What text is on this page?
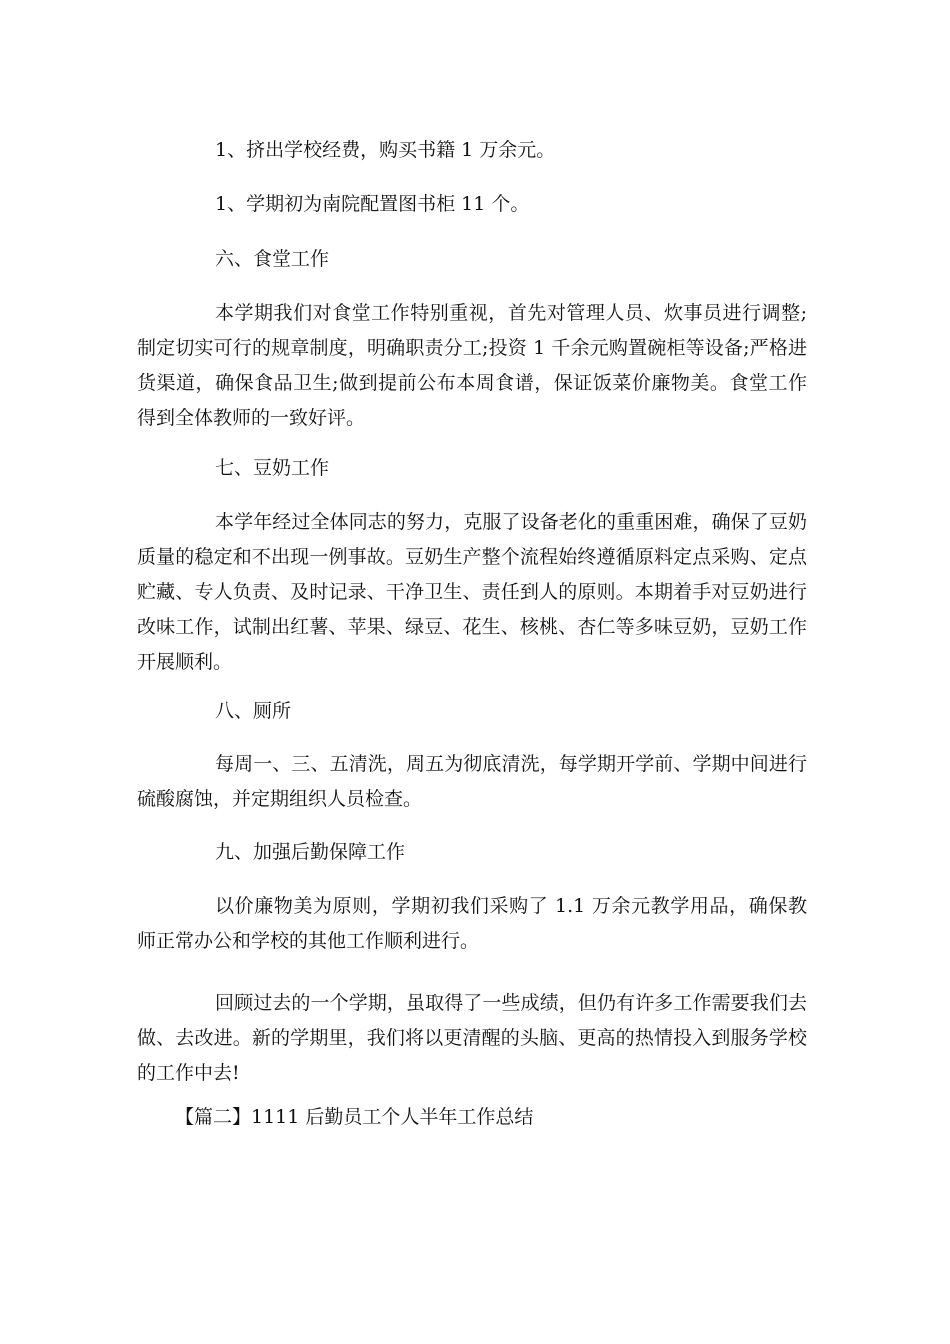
1、挤出学校经费，购买书籍 1 万余元。
1、学期初为南院配置图书柜 11 个。
六、食堂工作
本学期我们对食堂工作特别重视，首先对管理人员、炊事员进行调整;制定切实可行的规章制度，明确职责分工;投资 1 千余元购置碗柜等设备;严格进货渠道，确保食品卫生;做到提前公布本周食谱，保证饭菜价廉物美。食堂工作得到全体教师的一致好评。
七、豆奶工作
本学年经过全体同志的努力，克服了设备老化的重重困难，确保了豆奶质量的稳定和不出现一例事故。豆奶生产整个流程始终遵循原料定点采购、定点贮藏、专人负责、及时记录、干净卫生、责任到人的原则。本期着手对豆奶进行改味工作，试制出红薯、苹果、绿豆、花生、核桃、杏仁等多味豆奶，豆奶工作开展顺利。
八、厕所
每周一、三、五清洗，周五为彻底清洗，每学期开学前、学期中间进行硫酸腐蚀，并定期组织人员检查。
九、加强后勤保障工作
以价廉物美为原则，学期初我们采购了 1.1 万余元教学用品，确保教师正常办公和学校的其他工作顺利进行。
回顾过去的一个学期，虽取得了一些成绩，但仍有许多工作需要我们去做、去改进。新的学期里，我们将以更清醒的头脑、更高的热情投入到服务学校的工作中去!
【篇二】1111 后勤员工个人半年工作总结
